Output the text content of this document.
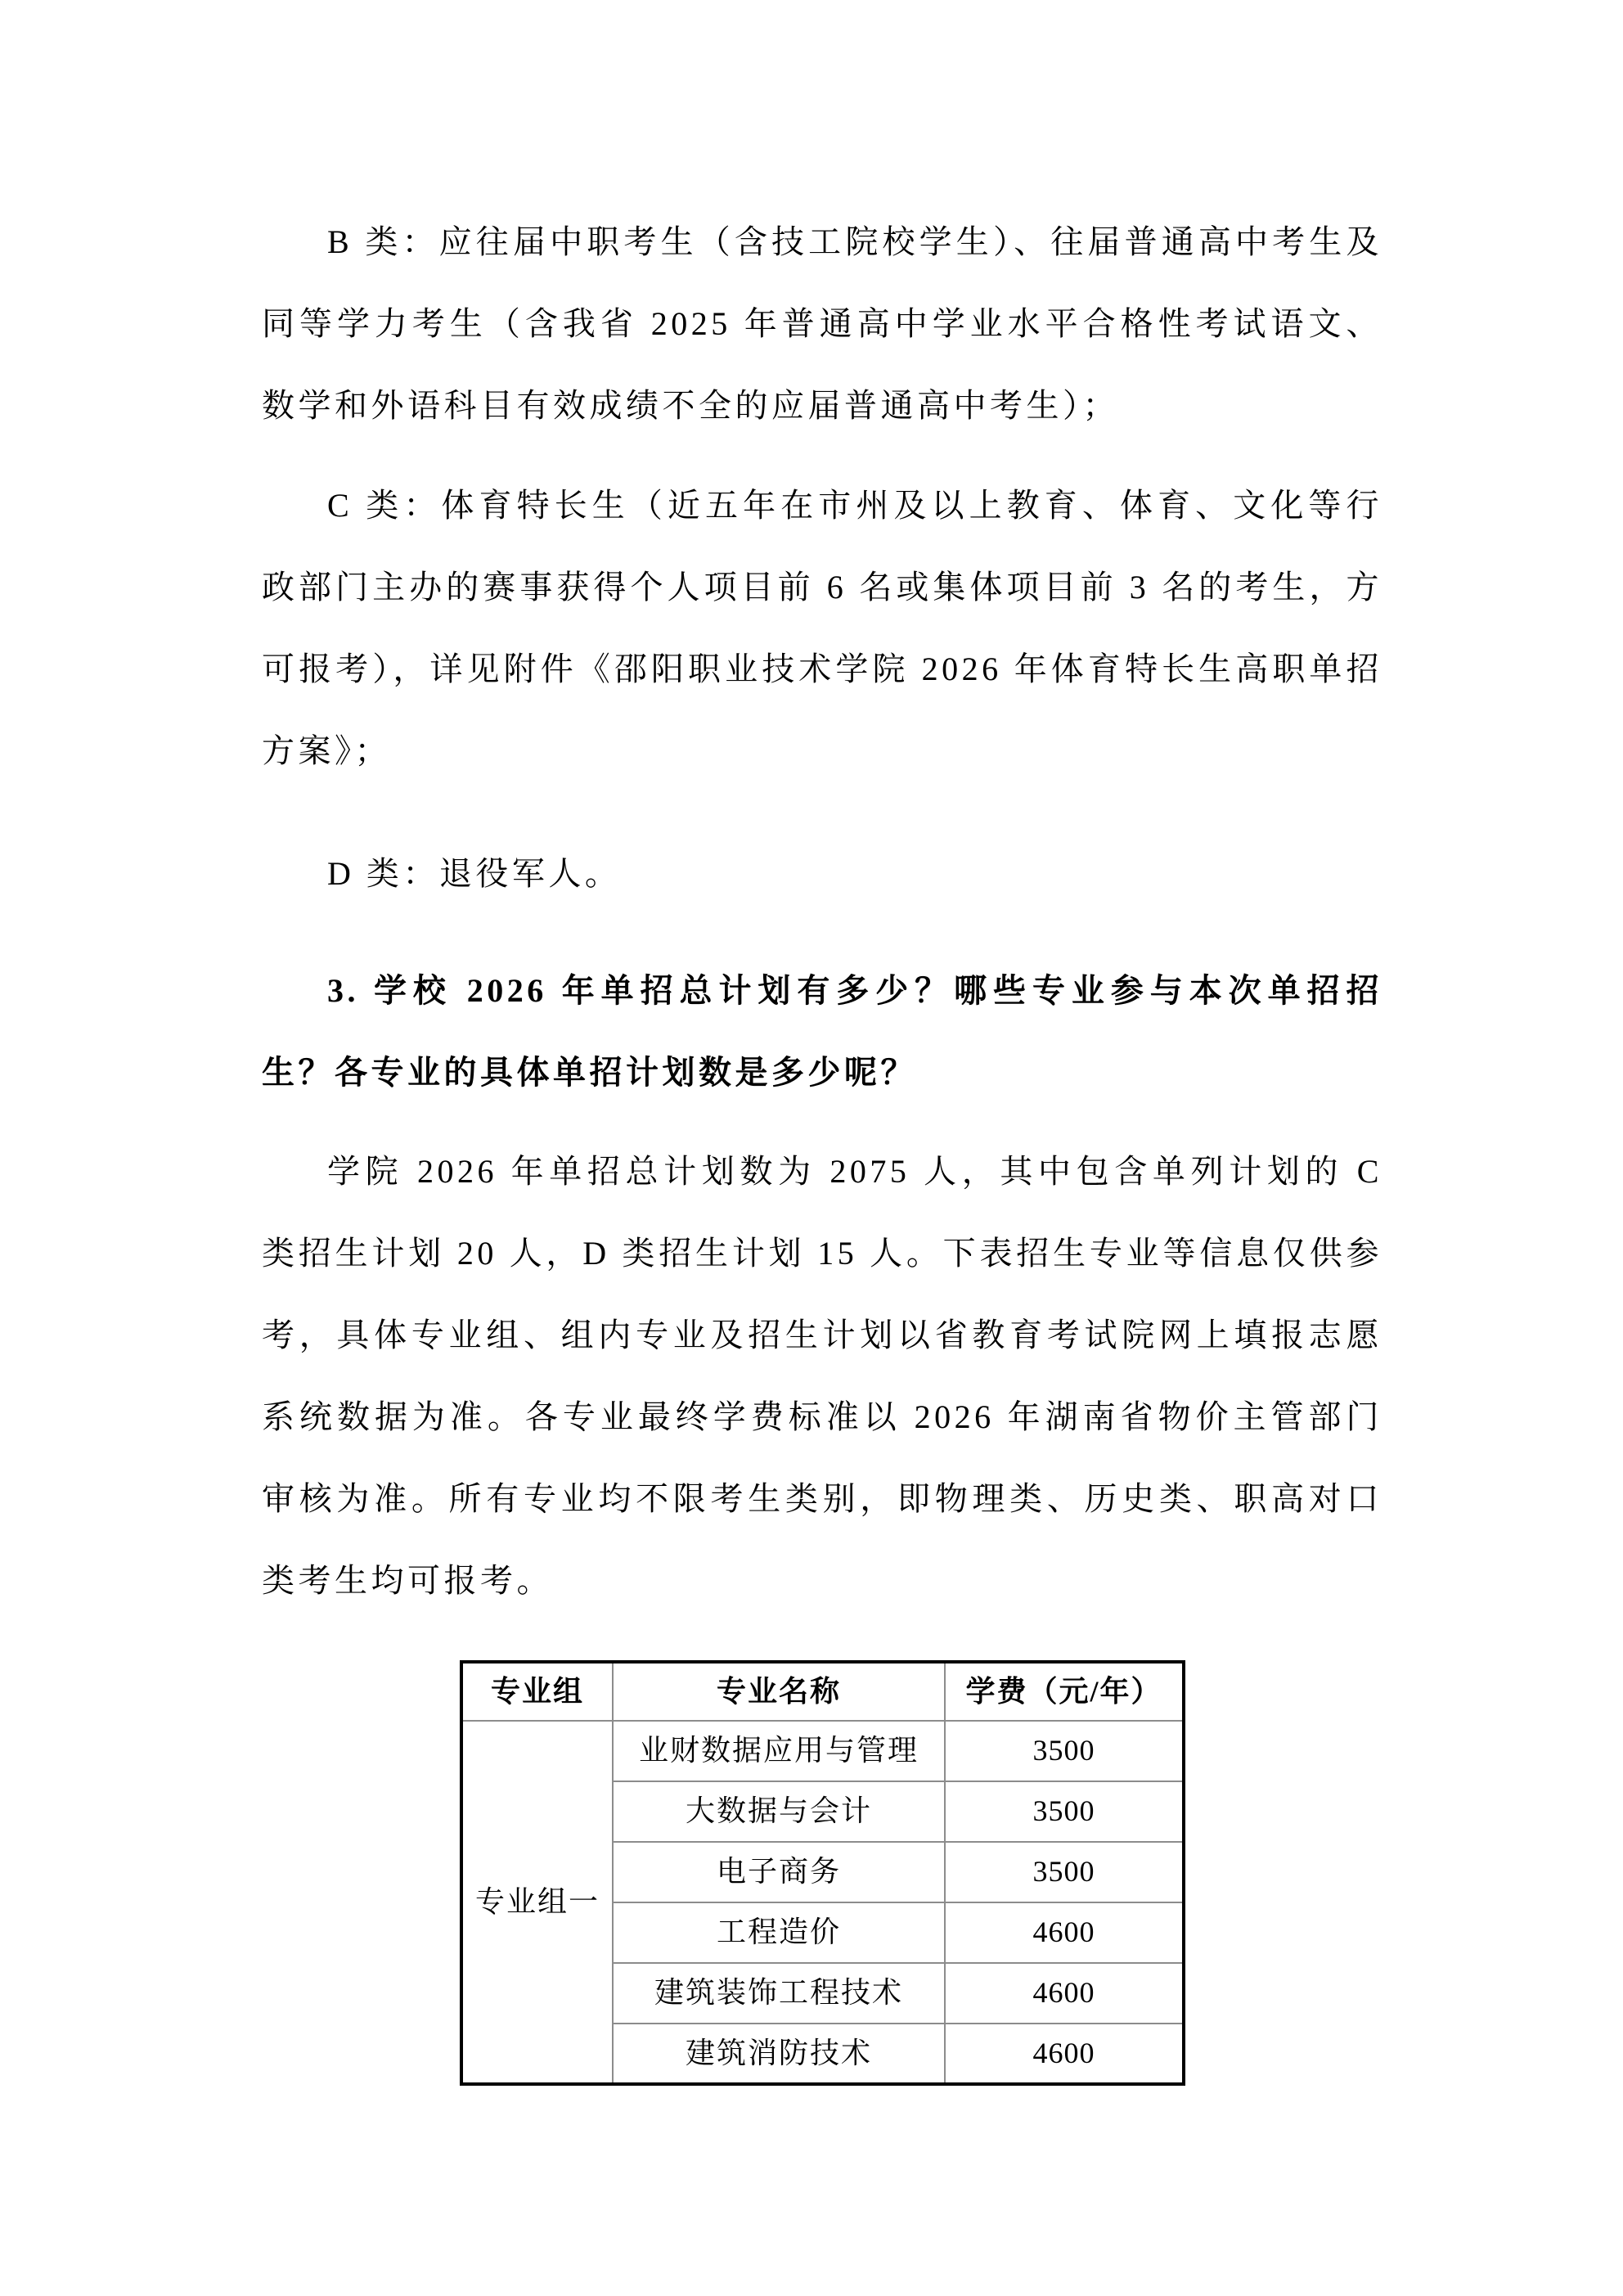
B 类：应往届中职考生（含技工院校学生）、往届普通高中考生及同等学力考生（含我省 2025 年普通高中学业水平合格性考试语文、数学和外语科目有效成绩不全的应届普通高中考生）；

C 类：体育特长生（近五年在市州及以上教育、体育、文化等行政部门主办的赛事获得个人项目前 6 名或集体项目前 3 名的考生，方可报考），详见附件《邵阳职业技术学院 2026 年体育特长生高职单招方案》；

D 类：退役军人。

3. 学校 2026 年单招总计划有多少？哪些专业参与本次单招招生？各专业的具体单招计划数是多少呢？

学院 2026 年单招总计划数为 2075 人，其中包含单列计划的 C 类招生计划 20 人，D 类招生计划 15 人。下表招生专业等信息仅供参考，具体专业组、组内专业及招生计划以省教育考试院网上填报志愿系统数据为准。各专业最终学费标准以 2026 年湖南省物价主管部门审核为准。所有专业均不限考生类别，即物理类、历史类、职高对口类考生均可报考。

专业组	专业名称	学费（元/年）
专业组一	业财数据应用与管理	3500
	大数据与会计	3500
	电子商务	3500
	工程造价	4600
	建筑装饰工程技术	4600
	建筑消防技术	4600
